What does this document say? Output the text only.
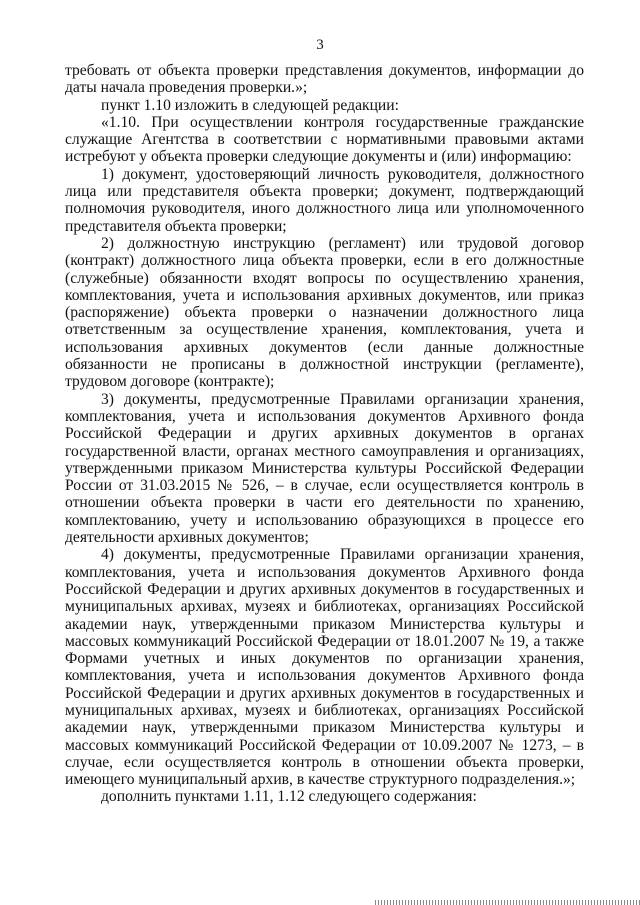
3

требовать от объекта проверки представления документов, информации до даты начала проведения проверки.»;

пункт 1.10 изложить в следующей редакции:

«1.10. При осуществлении контроля государственные гражданские служащие Агентства в соответствии с нормативными правовыми актами истребуют у объекта проверки следующие документы и (или) информацию:

1) документ, удостоверяющий личность руководителя, должностного лица или представителя объекта проверки; документ, подтверждающий полномочия руководителя, иного должностного лица или уполномоченного представителя объекта проверки;

2) должностную инструкцию (регламент) или трудовой договор (контракт) должностного лица объекта проверки, если в его должностные (служебные) обязанности входят вопросы по осуществлению хранения, комплектования, учета и использования архивных документов, или приказ (распоряжение) объекта проверки о назначении должностного лица ответственным за осуществление хранения, комплектования, учета и использования архивных документов (если данные должностные обязанности не прописаны в должностной инструкции (регламенте), трудовом договоре (контракте);

3) документы, предусмотренные Правилами организации хранения, комплектования, учета и использования документов Архивного фонда Российской Федерации и других архивных документов в органах государственной власти, органах местного самоуправления и организациях, утвержденными приказом Министерства культуры Российской Федерации России от 31.03.2015 № 526, – в случае, если осуществляется контроль в отношении объекта проверки в части его деятельности по хранению, комплектованию, учету и использованию образующихся в процессе его деятельности архивных документов;

4) документы, предусмотренные Правилами организации хранения, комплектования, учета и использования документов Архивного фонда Российской Федерации и других архивных документов в государственных и муниципальных архивах, музеях и библиотеках, организациях Российской академии наук, утвержденными приказом Министерства культуры и массовых коммуникаций Российской Федерации от 18.01.2007 № 19, а также Формами учетных и иных документов по организации хранения, комплектования, учета и использования документов Архивного фонда Российской Федерации и других архивных документов в государственных и муниципальных архивах, музеях и библиотеках, организациях Российской академии наук, утвержденными приказом Министерства культуры и массовых коммуникаций Российской Федерации от 10.09.2007 № 1273, – в случае, если осуществляется контроль в отношении объекта проверки, имеющего муниципальный архив, в качестве структурного подразделения.»;

дополнить пунктами 1.11, 1.12 следующего содержания:
